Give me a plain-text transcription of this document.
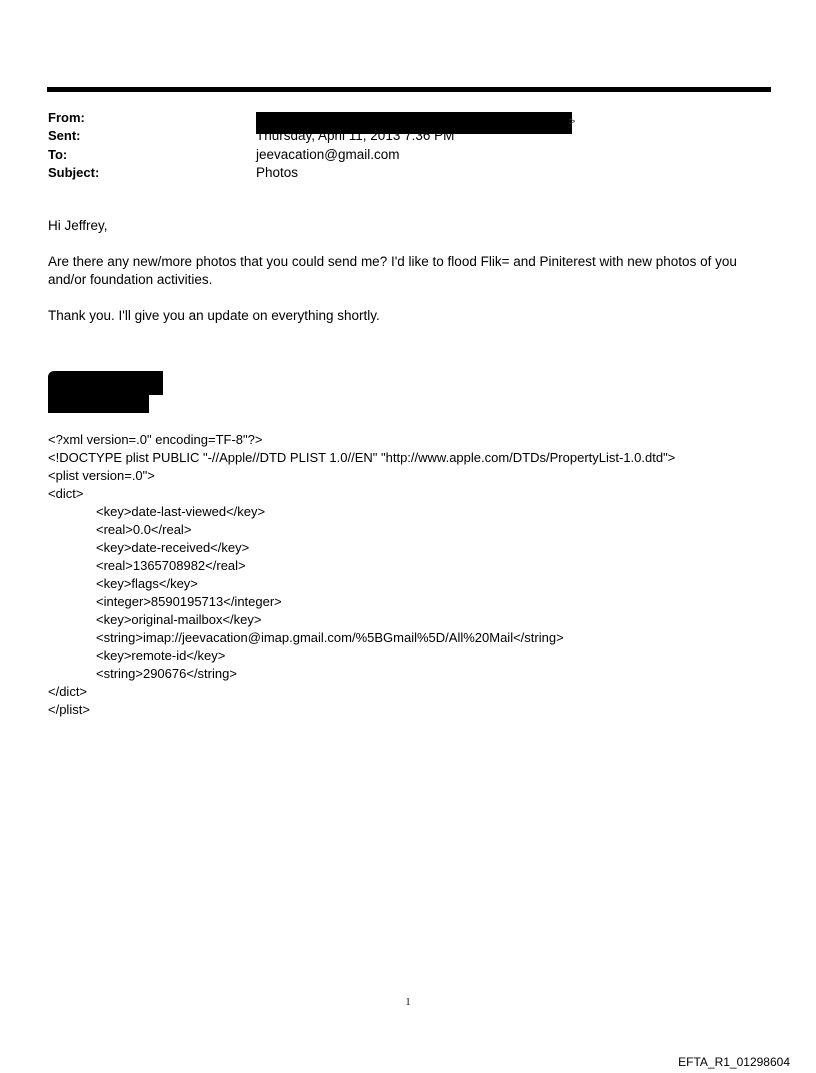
From:	>
Sent:	Thursday, April 11, 2013 7:36 PM
To:	jeevacation@gmail.com
Subject:	Photos

Hi Jeffrey,

Are there any new/more photos that you could send me? I'd like to flood Flik= and Piniterest with new photos of you and/or foundation activities.

Thank you. I'll give you an update on everything shortly.

<?xml version=.0" encoding=TF-8"?>
<!DOCTYPE plist PUBLIC "-//Apple//DTD PLIST 1.0//EN" "http://www.apple.com/DTDs/PropertyList-1.0.dtd">
<plist version=.0">
<dict>
<key>date-last-viewed</key>
<real>0.0</real>
<key>date-received</key>
<real>1365708982</real>
<key>flags</key>
<integer>8590195713</integer>
<key>original-mailbox</key>
<string>imap://jeevacation@imap.gmail.com/%5BGmail%5D/All%20Mail</string>
<key>remote-id</key>
<string>290676</string>
</dict>
</plist>
1
EFTA_R1_01298604
